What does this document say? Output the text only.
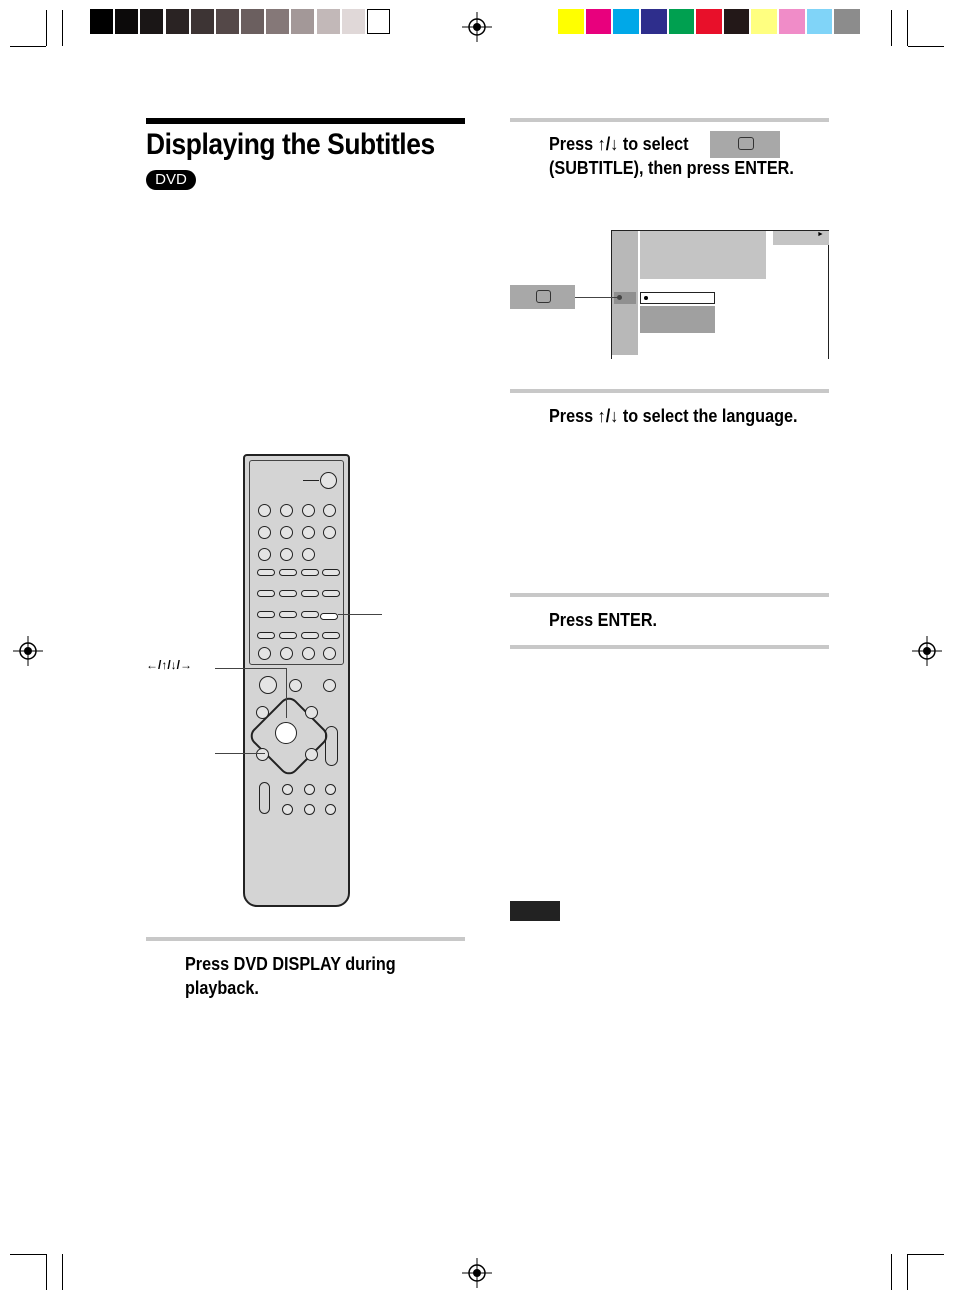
Displaying the Subtitles
DVD
←/↑/↓/→
Press DVD DISPLAY during
playback.
Press ↑/↓ to select
(SUBTITLE), then press ENTER.
►
Press ↑/↓ to select the language.
Press ENTER.
